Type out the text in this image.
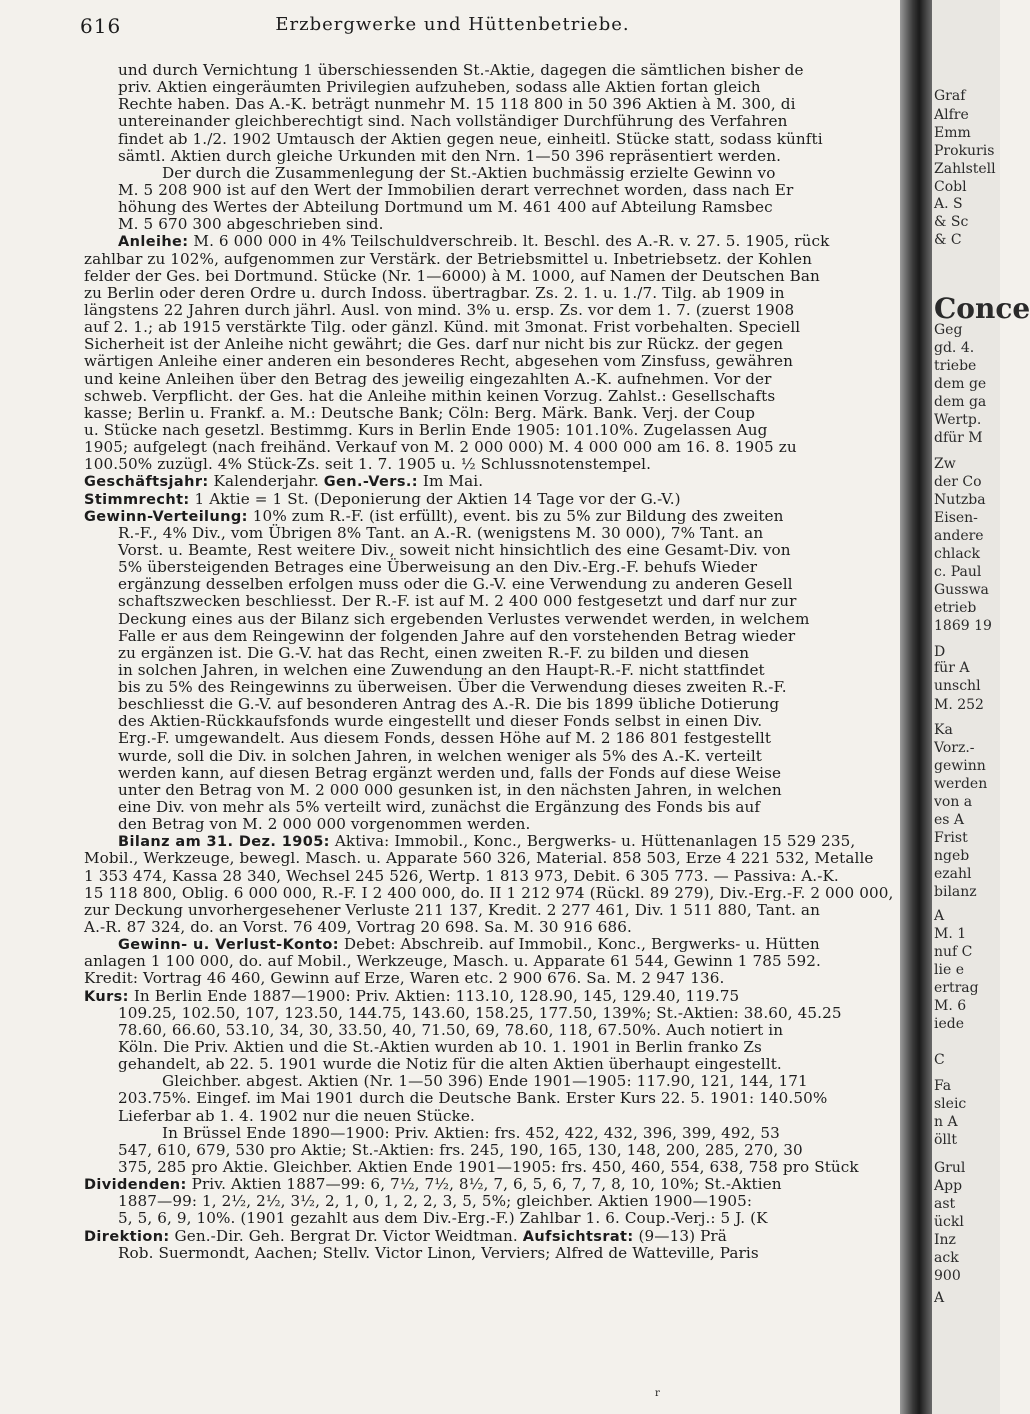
616	Erzbergwerke und Hüttenbetriebe.
und durch Vernichtung 1 überschiessenden St.-Aktie, dagegen die sämtlichen bisher de
priv. Aktien eingeräumten Privilegien aufzuheben, sodass alle Aktien fortan gleich
Rechte haben. Das A.-K. beträgt nunmehr M. 15 118 800 in 50 396 Aktien à M. 300, di
untereinander gleichberechtigt sind. Nach vollständiger Durchführung des Verfahren
findet ab 1./2. 1902 Umtausch der Aktien gegen neue, einheitl. Stücke statt, sodass künfti
sämtl. Aktien durch gleiche Urkunden mit den Nrn. 1—50 396 repräsentiert werden.
Der durch die Zusammenlegung der St.-Aktien buchmässig erzielte Gewinn vo
M. 5 208 900 ist auf den Wert der Immobilien derart verrechnet worden, dass nach Er
höhung des Wertes der Abteilung Dortmund um M. 461 400 auf Abteilung Ramsbec
M. 5 670 300 abgeschrieben sind.
Anleihe: M. 6 000 000 in 4% Teilschuldverschreib. lt. Beschl. des A.-R. v. 27. 5. 1905, rück
zahlbar zu 102%, aufgenommen zur Verstärk. der Betriebsmittel u. Inbetriebsetz. der Kohlen
felder der Ges. bei Dortmund. Stücke (Nr. 1—6000) à M. 1000, auf Namen der Deutschen Ban
zu Berlin oder deren Ordre u. durch Indoss. übertragbar. Zs. 2. 1. u. 1./7. Tilg. ab 1909 in
längstens 22 Jahren durch jährl. Ausl. von mind. 3% u. ersp. Zs. vor dem 1. 7. (zuerst 1908
auf 2. 1.; ab 1915 verstärkte Tilg. oder gänzl. Künd. mit 3monat. Frist vorbehalten. Speciell
Sicherheit ist der Anleihe nicht gewährt; die Ges. darf nur nicht bis zur Rückz. der gegen
wärtigen Anleihe einer anderen ein besonderes Recht, abgesehen vom Zinsfuss, gewähren
und keine Anleihen über den Betrag des jeweilig eingezahlten A.-K. aufnehmen. Vor der
schweb. Verpflicht. der Ges. hat die Anleihe mithin keinen Vorzug. Zahlst.: Gesellschafts
kasse; Berlin u. Frankf. a. M.: Deutsche Bank; Cöln: Berg. Märk. Bank. Verj. der Coup
u. Stücke nach gesetzl. Bestimmg. Kurs in Berlin Ende 1905: 101.10%. Zugelassen Aug
1905; aufgelegt (nach freihänd. Verkauf von M. 2 000 000) M. 4 000 000 am 16. 8. 1905 zu
100.50% zuzügl. 4% Stück-Zs. seit 1. 7. 1905 u. ½ Schlussnotenstempel.
Geschäftsjahr: Kalenderjahr. Gen.-Vers.: Im Mai.
Stimmrecht: 1 Aktie = 1 St. (Deponierung der Aktien 14 Tage vor der G.-V.)
Gewinn-Verteilung: 10% zum R.-F. (ist erfüllt), event. bis zu 5% zur Bildung des zweiten
R.-F., 4% Div., vom Übrigen 8% Tant. an A.-R. (wenigstens M. 30 000), 7% Tant. an
Vorst. u. Beamte, Rest weitere Div., soweit nicht hinsichtlich des eine Gesamt-Div. von
5% übersteigenden Betrages eine Überweisung an den Div.-Erg.-F. behufs Wieder
ergänzung desselben erfolgen muss oder die G.-V. eine Verwendung zu anderen Gesell
schaftszwecken beschliesst. Der R.-F. ist auf M. 2 400 000 festgesetzt und darf nur zur
Deckung eines aus der Bilanz sich ergebenden Verlustes verwendet werden, in welchem
Falle er aus dem Reingewinn der folgenden Jahre auf den vorstehenden Betrag wieder
zu ergänzen ist. Die G.-V. hat das Recht, einen zweiten R.-F. zu bilden und diesen
in solchen Jahren, in welchen eine Zuwendung an den Haupt-R.-F. nicht stattfindet
bis zu 5% des Reingewinns zu überweisen. Über die Verwendung dieses zweiten R.-F.
beschliesst die G.-V. auf besonderen Antrag des A.-R. Die bis 1899 übliche Dotierung
des Aktien-Rückkaufsfonds wurde eingestellt und dieser Fonds selbst in einen Div.
Erg.-F. umgewandelt. Aus diesem Fonds, dessen Höhe auf M. 2 186 801 festgestellt
wurde, soll die Div. in solchen Jahren, in welchen weniger als 5% des A.-K. verteilt
werden kann, auf diesen Betrag ergänzt werden und, falls der Fonds auf diese Weise
unter den Betrag von M. 2 000 000 gesunken ist, in den nächsten Jahren, in welchen
eine Div. von mehr als 5% verteilt wird, zunächst die Ergänzung des Fonds bis auf
den Betrag von M. 2 000 000 vorgenommen werden.
Bilanz am 31. Dez. 1905: Aktiva: Immobil., Konc., Bergwerks- u. Hüttenanlagen 15 529 235,
Mobil., Werkzeuge, bewegl. Masch. u. Apparate 560 326, Material. 858 503, Erze 4 221 532, Metalle
1 353 474, Kassa 28 340, Wechsel 245 526, Wertp. 1 813 973, Debit. 6 305 773. — Passiva: A.-K.
15 118 800, Oblig. 6 000 000, R.-F. I 2 400 000, do. II 1 212 974 (Rückl. 89 279), Div.-Erg.-F. 2 000 000,
zur Deckung unvorhergesehener Verluste 211 137, Kredit. 2 277 461, Div. 1 511 880, Tant. an
A.-R. 87 324, do. an Vorst. 76 409, Vortrag 20 698. Sa. M. 30 916 686.
Gewinn- u. Verlust-Konto: Debet: Abschreib. auf Immobil., Konc., Bergwerks- u. Hütten
anlagen 1 100 000, do. auf Mobil., Werkzeuge, Masch. u. Apparate 61 544, Gewinn 1 785 592.
Kredit: Vortrag 46 460, Gewinn auf Erze, Waren etc. 2 900 676. Sa. M. 2 947 136.
Kurs: In Berlin Ende 1887—1900: Priv. Aktien: 113.10, 128.90, 145, 129.40, 119.75
109.25, 102.50, 107, 123.50, 144.75, 143.60, 158.25, 177.50, 139%; St.-Aktien: 38.60, 45.25
78.60, 66.60, 53.10, 34, 30, 33.50, 40, 71.50, 69, 78.60, 118, 67.50%. Auch notiert in
Köln. Die Priv. Aktien und die St.-Aktien wurden ab 10. 1. 1901 in Berlin franko Zs
gehandelt, ab 22. 5. 1901 wurde die Notiz für die alten Aktien überhaupt eingestellt.
Gleichber. abgest. Aktien (Nr. 1—50 396) Ende 1901—1905: 117.90, 121, 144, 171
203.75%. Eingef. im Mai 1901 durch die Deutsche Bank. Erster Kurs 22. 5. 1901: 140.50%
Lieferbar ab 1. 4. 1902 nur die neuen Stücke.
In Brüssel Ende 1890—1900: Priv. Aktien: frs. 452, 422, 432, 396, 399, 492, 53
547, 610, 679, 530 pro Aktie; St.-Aktien: frs. 245, 190, 165, 130, 148, 200, 285, 270, 30
375, 285 pro Aktie. Gleichber. Aktien Ende 1901—1905: frs. 450, 460, 554, 638, 758 pro Stück
Dividenden: Priv. Aktien 1887—99: 6, 7½, 7½, 8½, 7, 6, 5, 6, 7, 7, 8, 10, 10%; St.-Aktien
1887—99: 1, 2½, 2½, 3½, 2, 1, 0, 1, 2, 2, 3, 5, 5%; gleichber. Aktien 1900—1905:
5, 5, 6, 9, 10%. (1901 gezahlt aus dem Div.-Erg.-F.) Zahlbar 1. 6. Coup.-Verj.: 5 J. (K
Direktion: Gen.-Dir. Geh. Bergrat Dr. Victor Weidtman. Aufsichtsrat: (9—13) Prä
Rob. Suermondt, Aachen; Stellv. Victor Linon, Verviers; Alfred de Watteville, Paris
Graf
Alfre
Emm
Prokuris
Zahlstell
Cobl
A. S
& Sc
& C
Conce
Geg
gd. 4.
triebe
dem ge
dem ga
Wertp.
dfür M
Zw
der Co
Nutzba
Eisen-
andere
chlack
c. Paul
Gusswa
etrieb
1869 19
D
für A
unschl
M. 252
Ka
Vorz.-
gewinn
werden
von a
es A
Frist
ngeb
ezahl
bilanz
A
M. 1
nuf C
lie e
ertrag
M. 6
iede
C
Fa
sleic
n A
öllt
Grul
App
ast
ückl
Inz
ack
900
A
r
